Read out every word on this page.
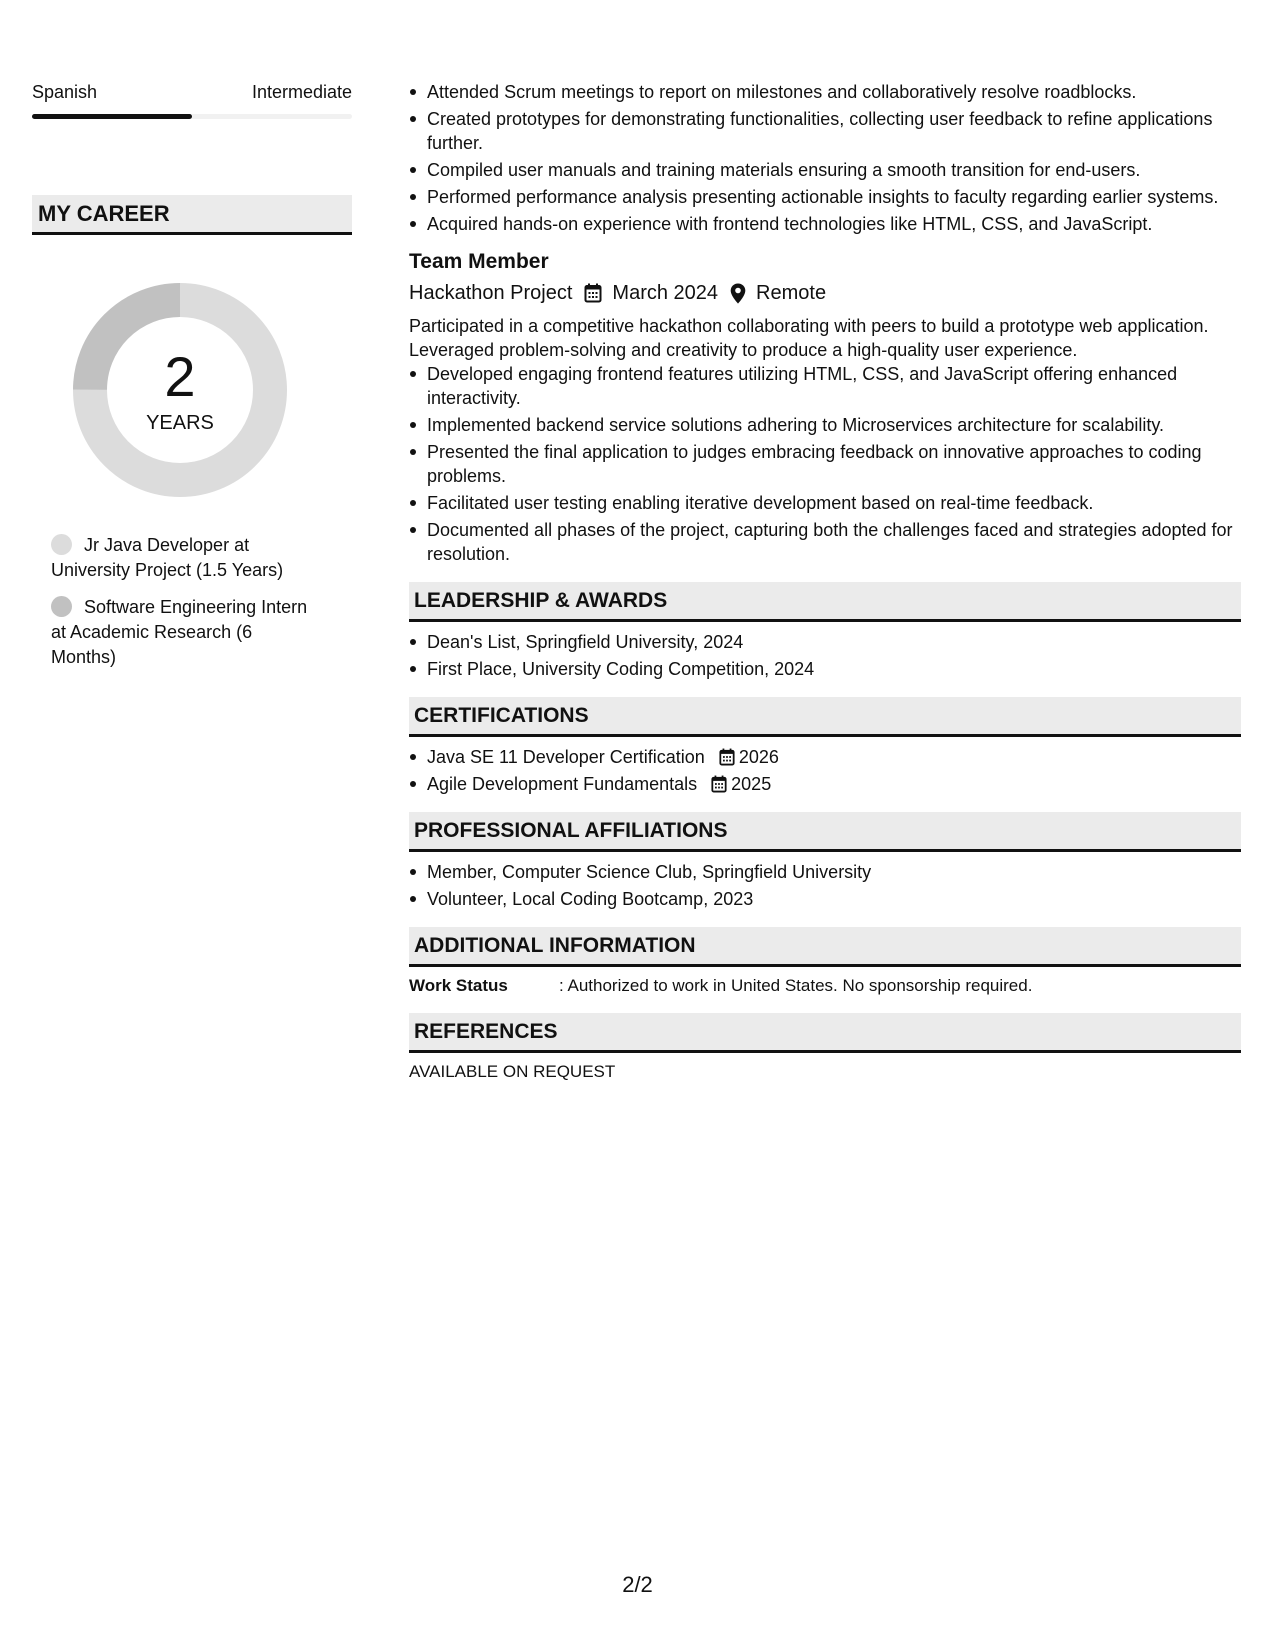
Spanish	Intermediate
MY CAREER
2
YEARS
Jr Java Developer at University Project (1.5 Years)
Software Engineering Intern at Academic Research (6 Months)
Attended Scrum meetings to report on milestones and collaboratively resolve roadblocks.
Created prototypes for demonstrating functionalities, collecting user feedback to refine applications further.
Compiled user manuals and training materials ensuring a smooth transition for end-users.
Performed performance analysis presenting actionable insights to faculty regarding earlier systems.
Acquired hands-on experience with frontend technologies like HTML, CSS, and JavaScript.
Team Member
Hackathon Project March 2024 Remote
Participated in a competitive hackathon collaborating with peers to build a prototype web application. Leveraged problem-solving and creativity to produce a high-quality user experience.
Developed engaging frontend features utilizing HTML, CSS, and JavaScript offering enhanced interactivity.
Implemented backend service solutions adhering to Microservices architecture for scalability.
Presented the final application to judges embracing feedback on innovative approaches to coding problems.
Facilitated user testing enabling iterative development based on real-time feedback.
Documented all phases of the project, capturing both the challenges faced and strategies adopted for resolution.
LEADERSHIP & AWARDS
Dean's List, Springfield University, 2024
First Place, University Coding Competition, 2024
CERTIFICATIONS
Java SE 11 Developer Certification 2026
Agile Development Fundamentals 2025
PROFESSIONAL AFFILIATIONS
Member, Computer Science Club, Springfield University
Volunteer, Local Coding Bootcamp, 2023
ADDITIONAL INFORMATION
Work Status	: Authorized to work in United States. No sponsorship required.
REFERENCES
AVAILABLE ON REQUEST
2/2
